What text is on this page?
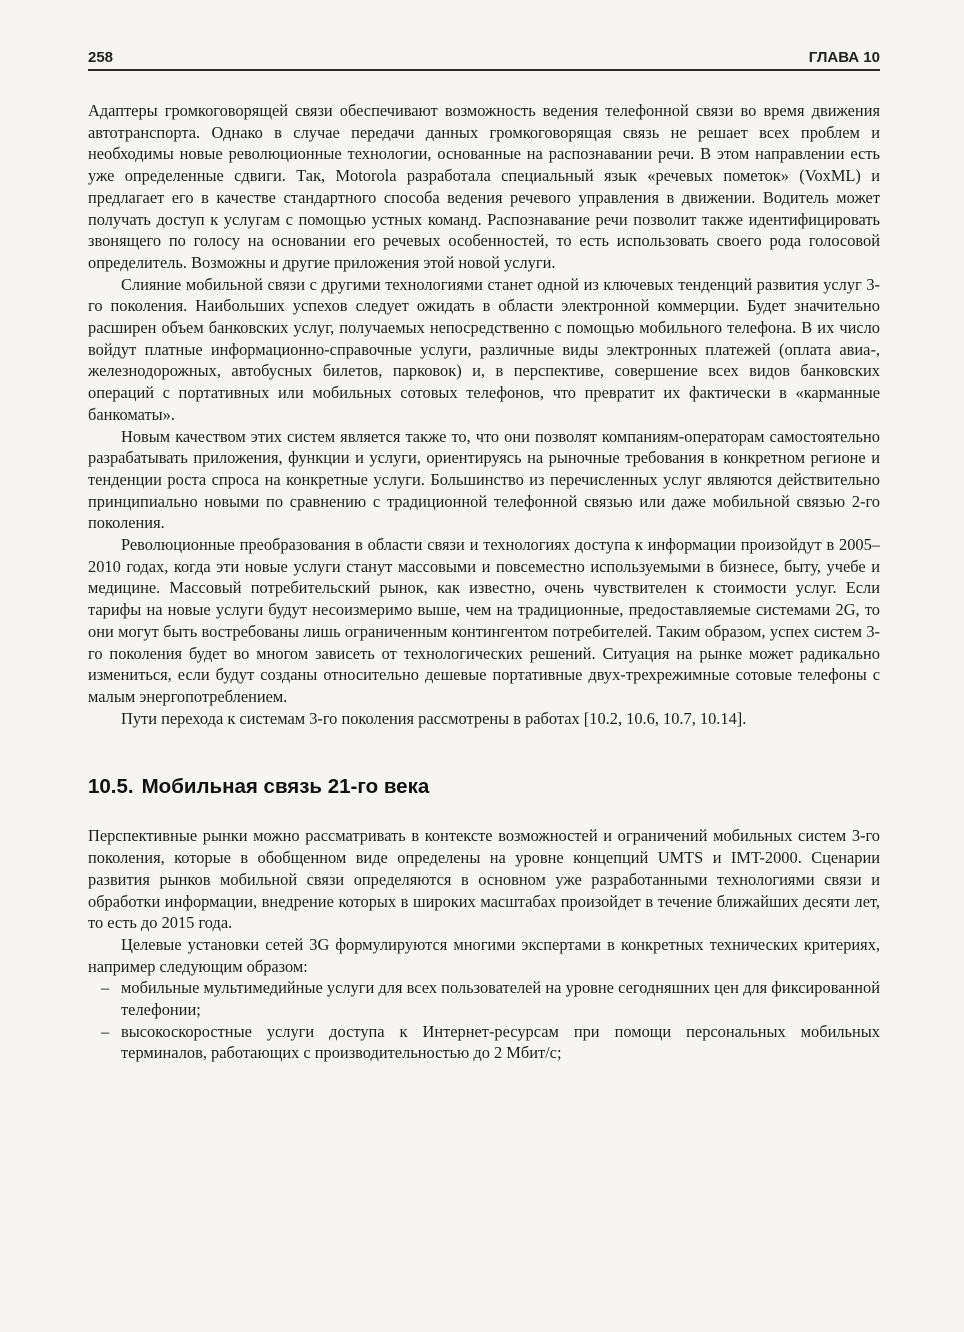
258	ГЛАВА 10

Адаптеры громкоговорящей связи обеспечивают возможность ведения телефонной связи во время движения автотранспорта. Однако в случае передачи данных громкоговорящая связь не решает всех проблем и необходимы новые революционные технологии, основанные на распознавании речи. В этом направлении есть уже определенные сдвиги. Так, Motorola разработала специальный язык «речевых пометок» (VoxML) и предлагает его в качестве стандартного способа ведения речевого управления в движении. Водитель может получать доступ к услугам с помощью устных команд. Распознавание речи позволит также идентифицировать звонящего по голосу на основании его речевых особенностей, то есть использовать своего рода голосовой определитель. Возможны и другие приложения этой новой услуги.

Слияние мобильной связи с другими технологиями станет одной из ключевых тенденций развития услуг 3-го поколения. Наибольших успехов следует ожидать в области электронной коммерции. Будет значительно расширен объем банковских услуг, получаемых непосредственно с помощью мобильного телефона. В их число войдут платные информационно-справочные услуги, различные виды электронных платежей (оплата авиа-, железнодорожных, автобусных билетов, парковок) и, в перспективе, совершение всех видов банковских операций с портативных или мобильных сотовых телефонов, что превратит их фактически в «карманные банкоматы».

Новым качеством этих систем является также то, что они позволят компаниям-операторам самостоятельно разрабатывать приложения, функции и услуги, ориентируясь на рыночные требования в конкретном регионе и тенденции роста спроса на конкретные услуги. Большинство из перечисленных услуг являются действительно принципиально новыми по сравнению с традиционной телефонной связью или даже мобильной связью 2-го поколения.

Революционные преобразования в области связи и технологиях доступа к информации произойдут в 2005–2010 годах, когда эти новые услуги станут массовыми и повсеместно используемыми в бизнесе, быту, учебе и медицине. Массовый потребительский рынок, как известно, очень чувствителен к стоимости услуг. Если тарифы на новые услуги будут несоизмеримо выше, чем на традиционные, предоставляемые системами 2G, то они могут быть востребованы лишь ограниченным контингентом потребителей. Таким образом, успех систем 3-го поколения будет во многом зависеть от технологических решений. Ситуация на рынке может радикально измениться, если будут созданы относительно дешевые портативные двух-трехрежимные сотовые телефоны с малым энергопотреблением.

Пути перехода к системам 3-го поколения рассмотрены в работах [10.2, 10.6, 10.7, 10.14].

10.5. Мобильная связь 21-го века

Перспективные рынки можно рассматривать в контексте возможностей и ограничений мобильных систем 3-го поколения, которые в обобщенном виде определены на уровне концепций UMTS и IMT-2000. Сценарии развития рынков мобильной связи определяются в основном уже разработанными технологиями связи и обработки информации, внедрение которых в широких масштабах произойдет в течение ближайших десяти лет, то есть до 2015 года.

Целевые установки сетей 3G формулируются многими экспертами в конкретных технических критериях, например следующим образом:

– мобильные мультимедийные услуги для всех пользователей на уровне сегодняшних цен для фиксированной телефонии;
– высокоскоростные услуги доступа к Интернет-ресурсам при помощи персональных мобильных терминалов, работающих с производительностью до 2 Мбит/с;
